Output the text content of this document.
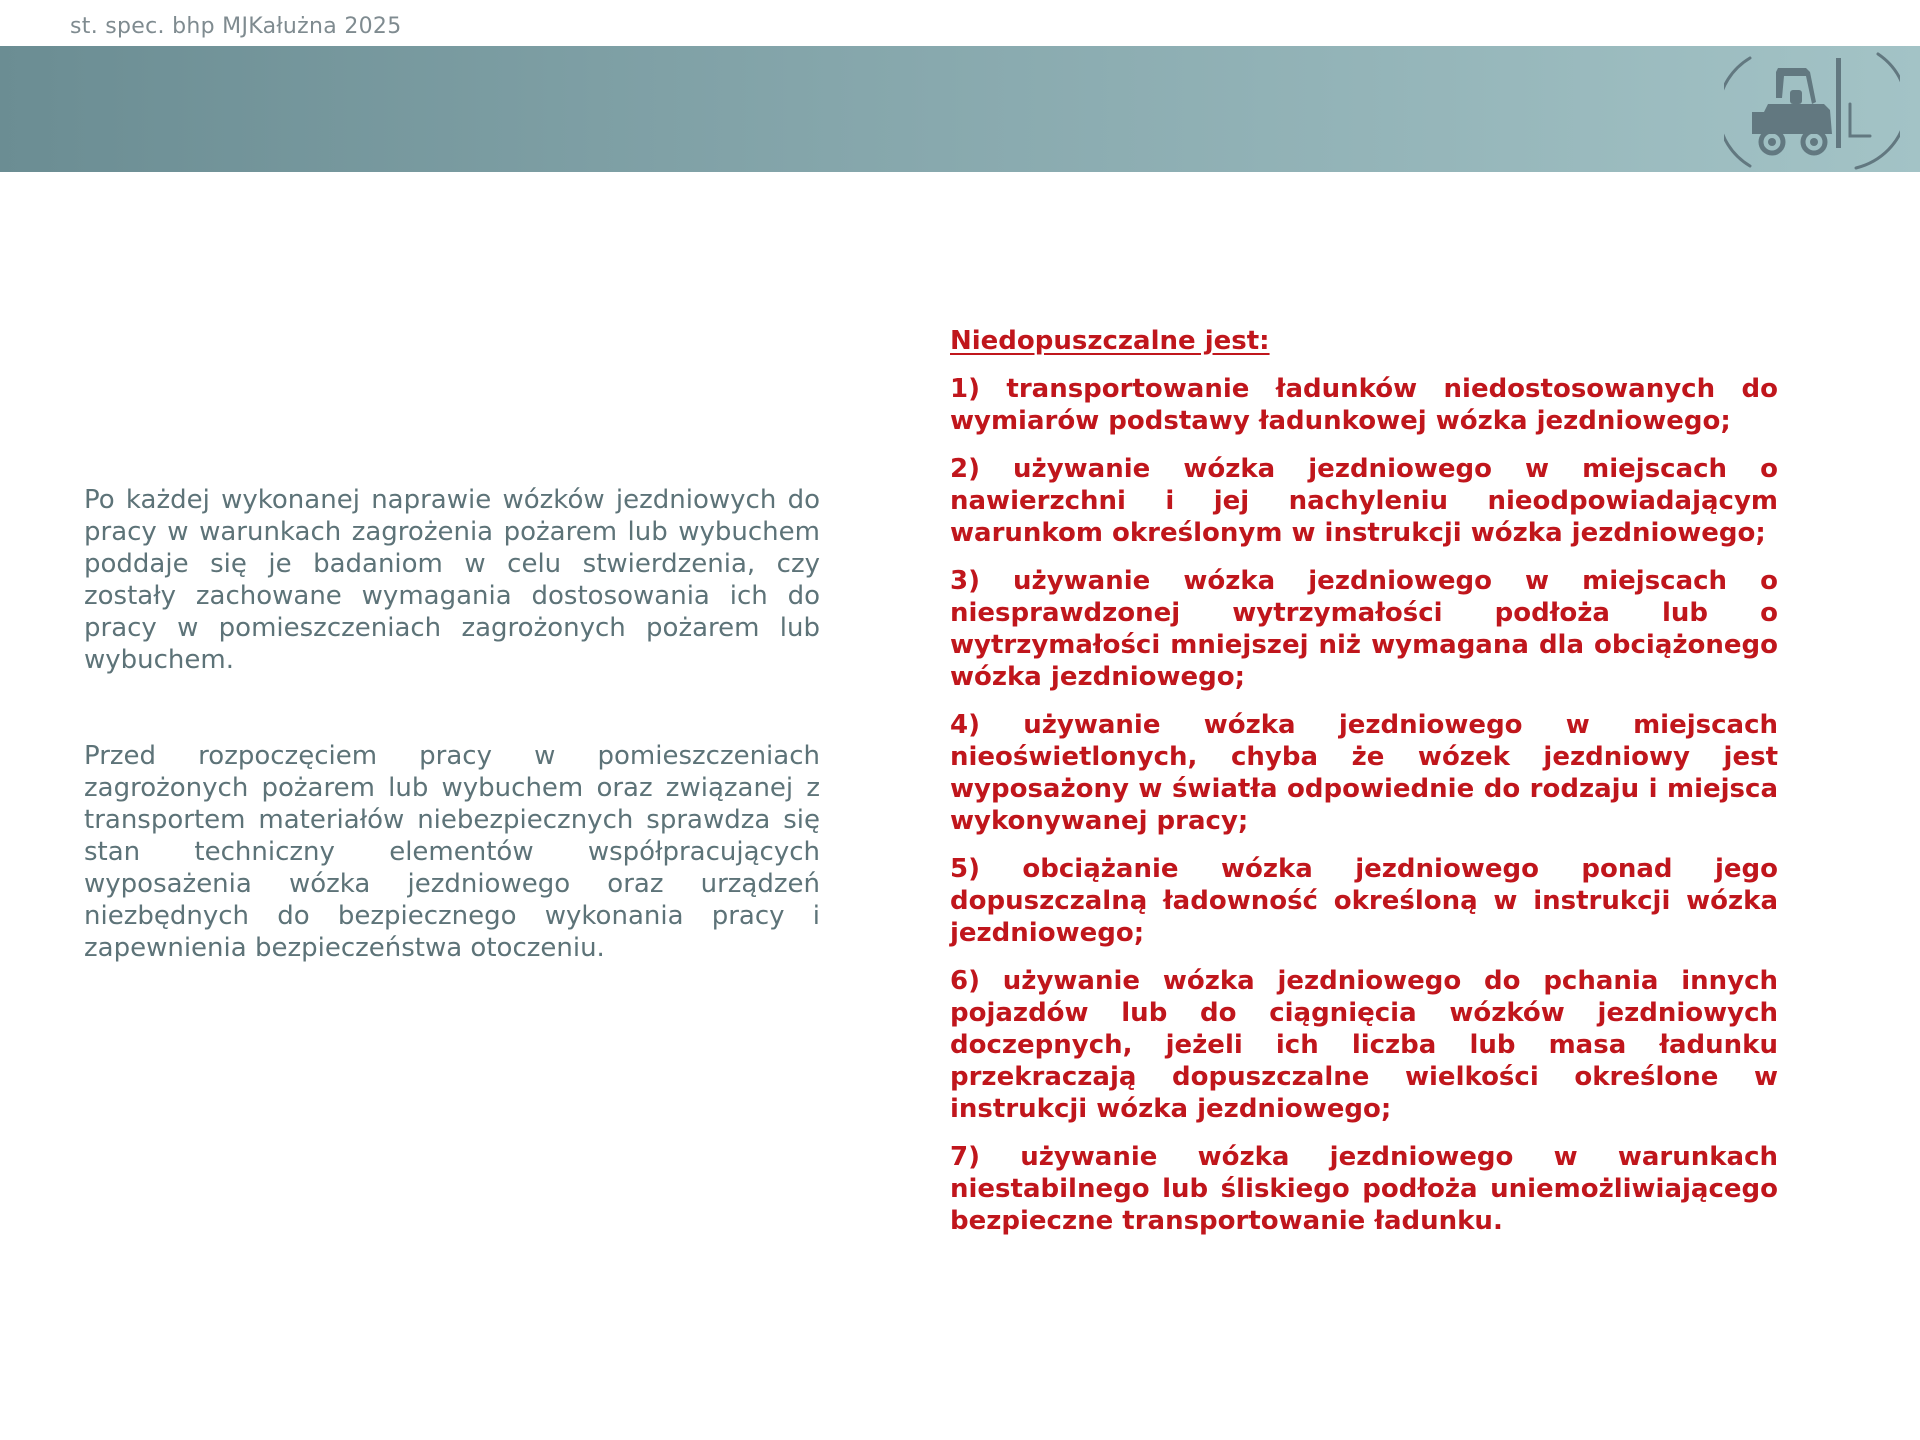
st. spec. bhp MJKałużna 2025

Po każdej wykonanej naprawie wózków jezdniowych do pracy w warunkach zagrożenia pożarem lub wybuchem poddaje się je badaniom w celu stwierdzenia, czy zostały zachowane wymagania dostosowania ich do pracy w pomieszczeniach zagrożonych pożarem lub wybuchem.

Przed rozpoczęciem pracy w pomieszczeniach zagrożonych pożarem lub wybuchem oraz związanej z transportem materiałów niebezpiecznych sprawdza się stan techniczny elementów współpracujących wyposażenia wózka jezdniowego oraz urządzeń niezbędnych do bezpiecznego wykonania pracy i zapewnienia bezpieczeństwa otoczeniu.

Niedopuszczalne jest:

1) transportowanie ładunków niedostosowanych do wymiarów podstawy ładunkowej wózka jezdniowego;
2) używanie wózka jezdniowego w miejscach o nawierzchni i jej nachyleniu nieodpowiadającym warunkom określonym w instrukcji wózka jezdniowego;
3) używanie wózka jezdniowego w miejscach o niesprawdzonej wytrzymałości podłoża lub o wytrzymałości mniejszej niż wymagana dla obciążonego wózka jezdniowego;
4) używanie wózka jezdniowego w miejscach nieoświetlonych, chyba że wózek jezdniowy jest wyposażony w światła odpowiednie do rodzaju i miejsca wykonywanej pracy;
5) obciążanie wózka jezdniowego ponad jego dopuszczalną ładowność określoną w instrukcji wózka jezdniowego;
6) używanie wózka jezdniowego do pchania innych pojazdów lub do ciągnięcia wózków jezdniowych doczepnych, jeżeli ich liczba lub masa ładunku przekraczają dopuszczalne wielkości określone w instrukcji wózka jezdniowego;
7) używanie wózka jezdniowego w warunkach niestabilnego lub śliskiego podłoża uniemożliwiającego bezpieczne transportowanie ładunku.
